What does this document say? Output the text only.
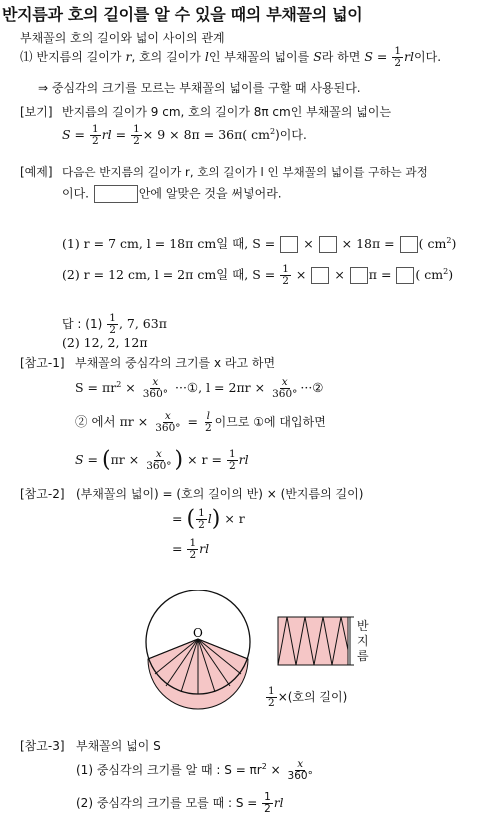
반지름과 호의 길이를 알 수 있을 때의 부채꼴의 넓이
부채꼴의 호의 길이와 넓이 사이의 관계
⑴ 반지름의 길이가 r, 호의 길이가 l인 부채꼴의 넓이를 S라 하면 $S = \frac{1}{2}$ rl이다.
⇒ 중심각의 크기를 모르는 부채꼴의 넓이를 구할 때 사용된다.
[보기] 반지름의 길이가 9 cm, 호의 길이가 8π cm인 부채꼴의 넓이는
$S = \frac{1}{2}$ rl = $\frac{1}{2} \times 9 \times 8\pi = 36\pi$( $cm^2$)이다.
[예제] 다음은 반지름의 길이가 r, 호의 길이가 l 인 부채꼴의 넓이를 구하는 과정
이다.	안에 알맞은 것을 써넣어라.
(1) r = 7 cm, l = 18π cm일 때, S =  ×  × 18π = ( $cm^2$)
(2) r = 12 cm, l = 2π cm일 때, $S = \frac{1}{2}$ ×  × π = ( $cm^2$)
답 : $(1) \frac{1}{2}$ , 7, 63π
(2) 12, 2, 12π
[참고-1] 부채꼴의 중심각의 크기를 x 라고 하면
$S = \pi r^2 \times \frac{x}{360^\circ}$ ···①, $l = 2\pi r \times \frac{x}{360^\circ}$ ···②
② 에서 $\pi r \times \frac{x}{360^\circ} = \frac{l}{2}$ 이므로 ①에 대입하면
$S = (\pi r \times \frac{x}{360^\circ}$ ) × $r = \frac{1}{2}$ rl
[참고-2] (부채꼴의 넓이) = (호의 길이의 반) × (반지름의 길이)
= ( $\frac{1}{2} l) \times r$
= $\frac{1}{2}$ rl
O	반지름
$\frac{1}{2}$ ×(호의 길이)
[참고-3] 부채꼴의 넓이 S
(1) 중심각의 크기를 알 때 : $S = \pi r^2 \times \frac{x}{360^\circ}$
(2) 중심각의 크기를 모를 때 : $S = \frac{1}{2}$ rl
